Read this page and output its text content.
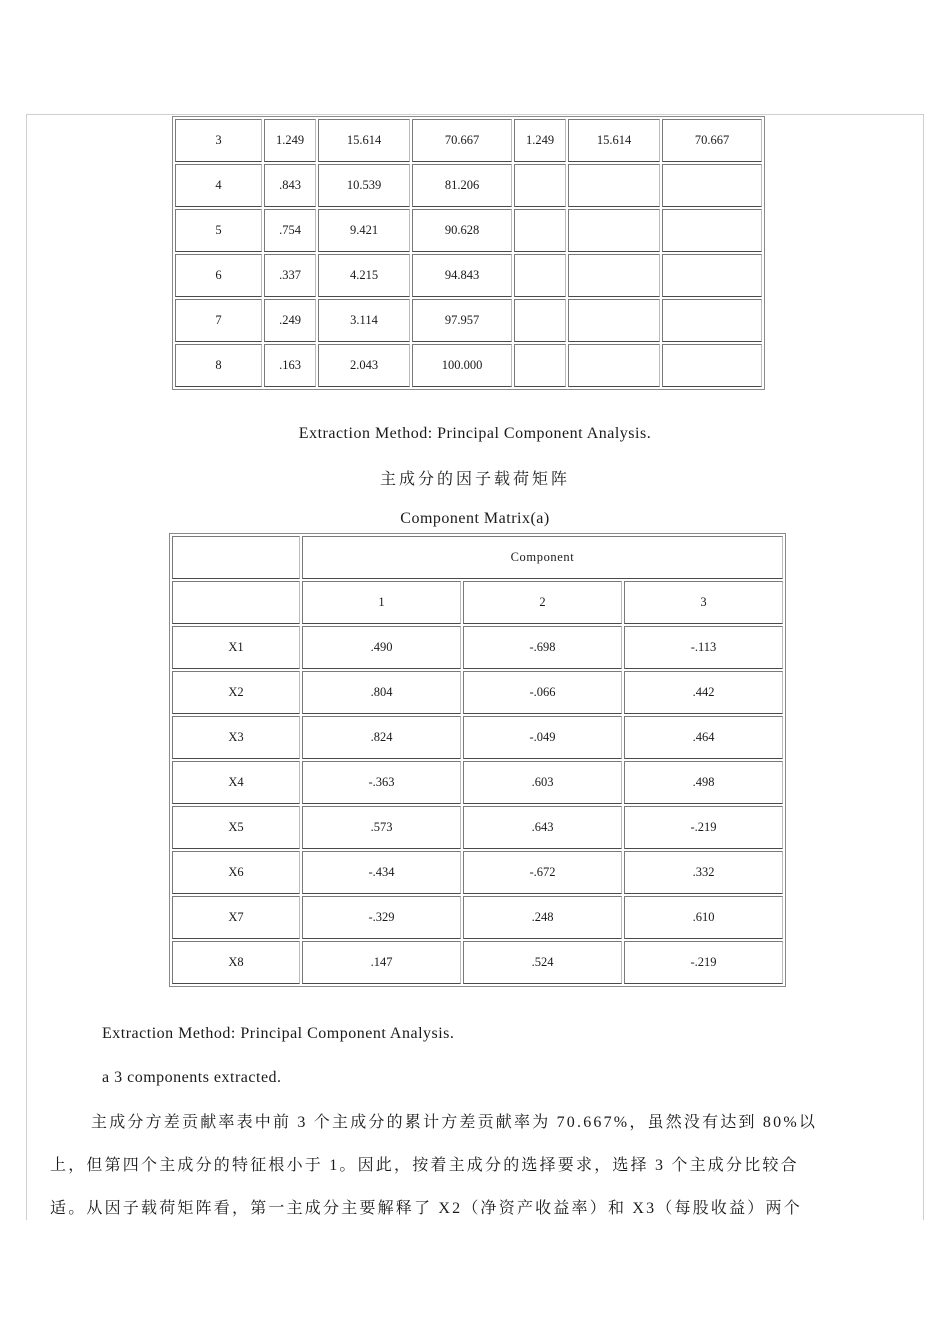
3	1.249	15.614	70.667	1.249	15.614	70.667
4	.843	10.539	81.206			
5	.754	9.421	90.628			
6	.337	4.215	94.843			
7	.249	3.114	97.957			
8	.163	2.043	100.000			
Extraction Method: Principal Component Analysis.
主成分的因子载荷矩阵
Component Matrix(a)
	Component		
	1	2	3
X1	.490	-.698	-.113
X2	.804	-.066	.442
X3	.824	-.049	.464
X4	-.363	.603	.498
X5	.573	.643	-.219
X6	-.434	-.672	.332
X7	-.329	.248	.610
X8	.147	.524	-.219
Extraction Method: Principal Component Analysis.
a 3 components extracted.
主成分方差贡献率表中前 3 个主成分的累计方差贡献率为 70.667%，虽然没有达到 80%以
上，但第四个主成分的特征根小于 1。因此，按着主成分的选择要求，选择 3 个主成分比较合
适。从因子载荷矩阵看，第一主成分主要解释了 X2（净资产收益率）和 X3（每股收益）两个
